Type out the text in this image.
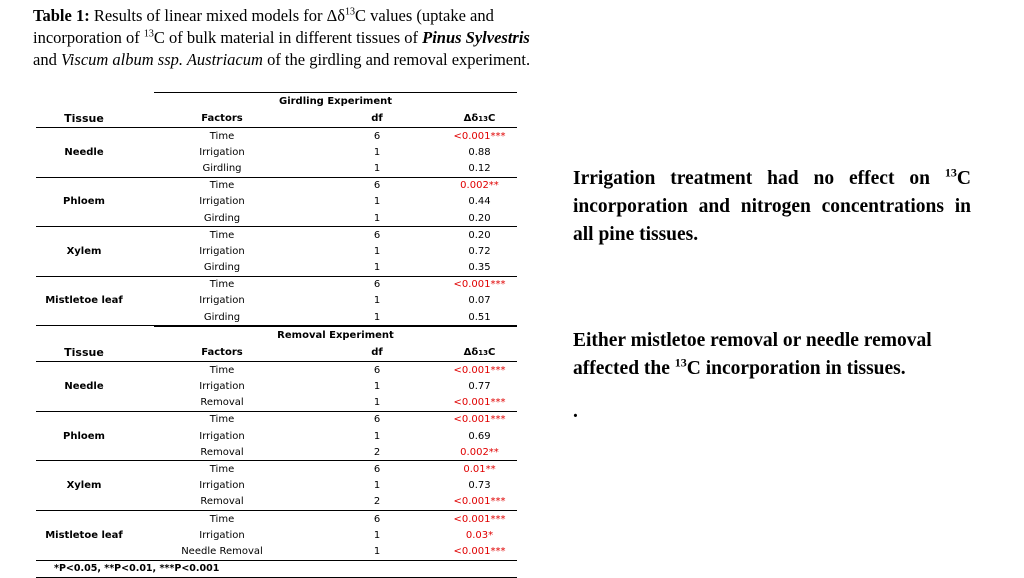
Table 1: Results of linear mixed models for $\Delta\delta^{13}C$ values (uptake and incorporation of $^{13}$C of bulk material in different tissues of Pinus Sylvestris and Viscum album ssp. Austriacum of the girdling and removal experiment.
Girdling Experiment
Tissue	Factors	df	Δδ 13 C
Time	6	<0.001***
Needle	Irrigation	1	0.88
Girdling	1	0.12
Time	6	0.002**
Phloem	Irrigation	1	0.44
Girding	1	0.20
Time	6	0.20
Xylem	Irrigation	1	0.72
Girding	1	0.35
Time	6	<0.001***
Mistletoe leaf	Irrigation	1	0.07
Girding	1	0.51
Removal Experiment
Tissue	Factors	df	Δδ 13 C
Time	6	<0.001***
Needle	Irrigation	1	0.77
Removal	1	<0.001***
Time	6	<0.001***
Phloem	Irrigation	1	0.69
Removal	2	0.002**
Time	6	0.01**
Xylem	Irrigation	1	0.73
Removal	2	<0.001***
Time	6	<0.001***
Mistletoe leaf	Irrigation	1	0.03*
Needle Removal	1	<0.001***
*P<0.05, **P<0.01, ***P<0.001
Irrigation treatment had no effect on $^{13}$C incorporation and nitrogen concentrations in all pine tissues.
Either mistletoe removal or needle removal affected the $^{13}$C incorporation in tissues.
.
